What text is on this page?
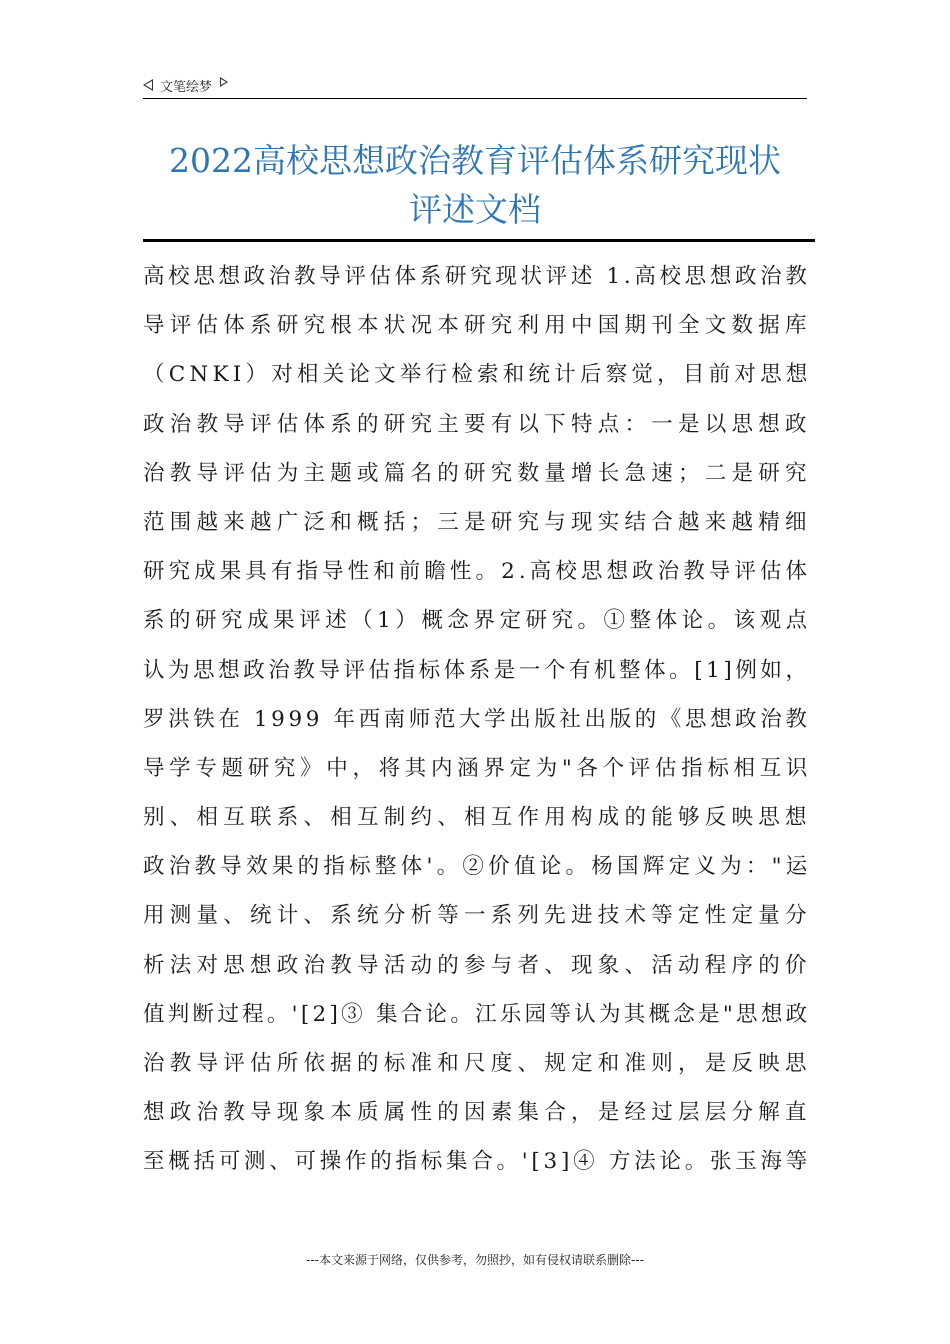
文笔绘梦
2022高校思想政治教育评估体系研究现状
评述文档
高校思想政治教导评估体系研究现状评述 1.高校思想政治教
导评估体系研究根本状况本研究利用中国期刊全文数据库
（CNKI）对相关论文举行检索和统计后察觉，目前对思想
政治教导评估体系的研究主要有以下特点：一是以思想政
治教导评估为主题或篇名的研究数量增长急速；二是研究
范围越来越广泛和概括；三是研究与现实结合越来越精细
研究成果具有指导性和前瞻性。2.高校思想政治教导评估体
系的研究成果评述（1）概念界定研究。①整体论。该观点
认为思想政治教导评估指标体系是一个有机整体。[1]例如，
罗洪铁在 1999 年西南师范大学出版社出版的《思想政治教
导学专题研究》中，将其内涵界定为"各个评估指标相互识
别、相互联系、相互制约、相互作用构成的能够反映思想
政治教导效果的指标整体'。②价值论。杨国辉定义为："运
用测量、统计、系统分析等一系列先进技术等定性定量分
析法对思想政治教导活动的参与者、现象、活动程序的价
值判断过程。'[2]③ 集合论。江乐园等认为其概念是"思想政
治教导评估所依据的标准和尺度、规定和准则，是反映思
想政治教导现象本质属性的因素集合，是经过层层分解直
至概括可测、可操作的指标集合。'[3]④ 方法论。张玉海等
---本文来源于网络，仅供参考，勿照抄，如有侵权请联系删除---
